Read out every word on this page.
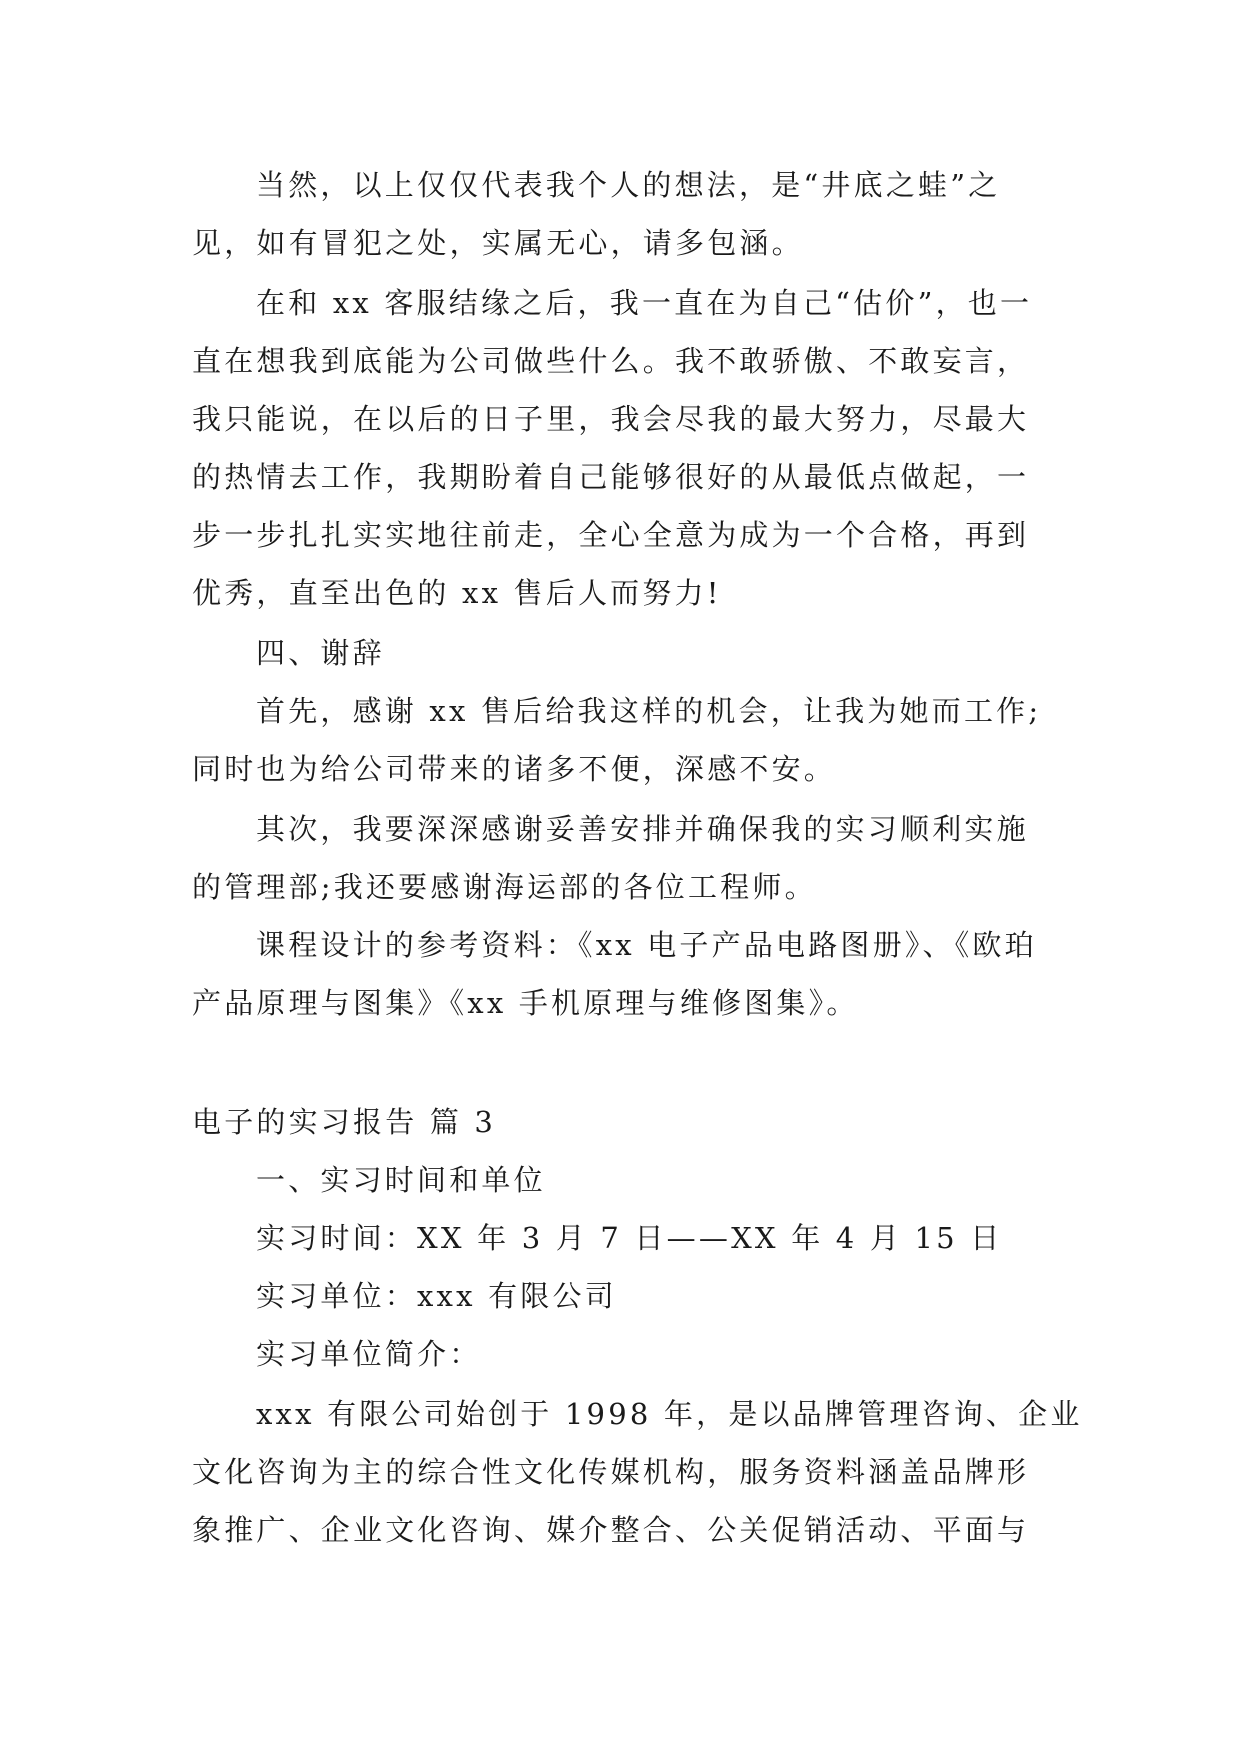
当然，以上仅仅代表我个人的想法，是“井底之蛙”之
见，如有冒犯之处，实属无心，请多包涵。
在和 xx 客服结缘之后，我一直在为自己“估价”，也一
直在想我到底能为公司做些什么。我不敢骄傲、不敢妄言，
我只能说，在以后的日子里，我会尽我的最大努力，尽最大
的热情去工作，我期盼着自己能够很好的从最低点做起，一
步一步扎扎实实地往前走，全心全意为成为一个合格，再到
优秀，直至出色的 xx 售后人而努力!
四、谢辞
首先，感谢 xx 售后给我这样的机会，让我为她而工作;
同时也为给公司带来的诸多不便，深感不安。
其次，我要深深感谢妥善安排并确保我的实习顺利实施
的管理部;我还要感谢海运部的各位工程师。
课程设计的参考资料：《xx 电子产品电路图册》、《欧珀
产品原理与图集》《xx 手机原理与维修图集》。
电子的实习报告 篇 3
一、实习时间和单位
实习时间：XX 年 3 月 7 日——XX 年 4 月 15 日
实习单位：xxx 有限公司
实习单位简介：
xxx 有限公司始创于 1998 年，是以品牌管理咨询、企业
文化咨询为主的综合性文化传媒机构，服务资料涵盖品牌形
象推广、企业文化咨询、媒介整合、公关促销活动、平面与
